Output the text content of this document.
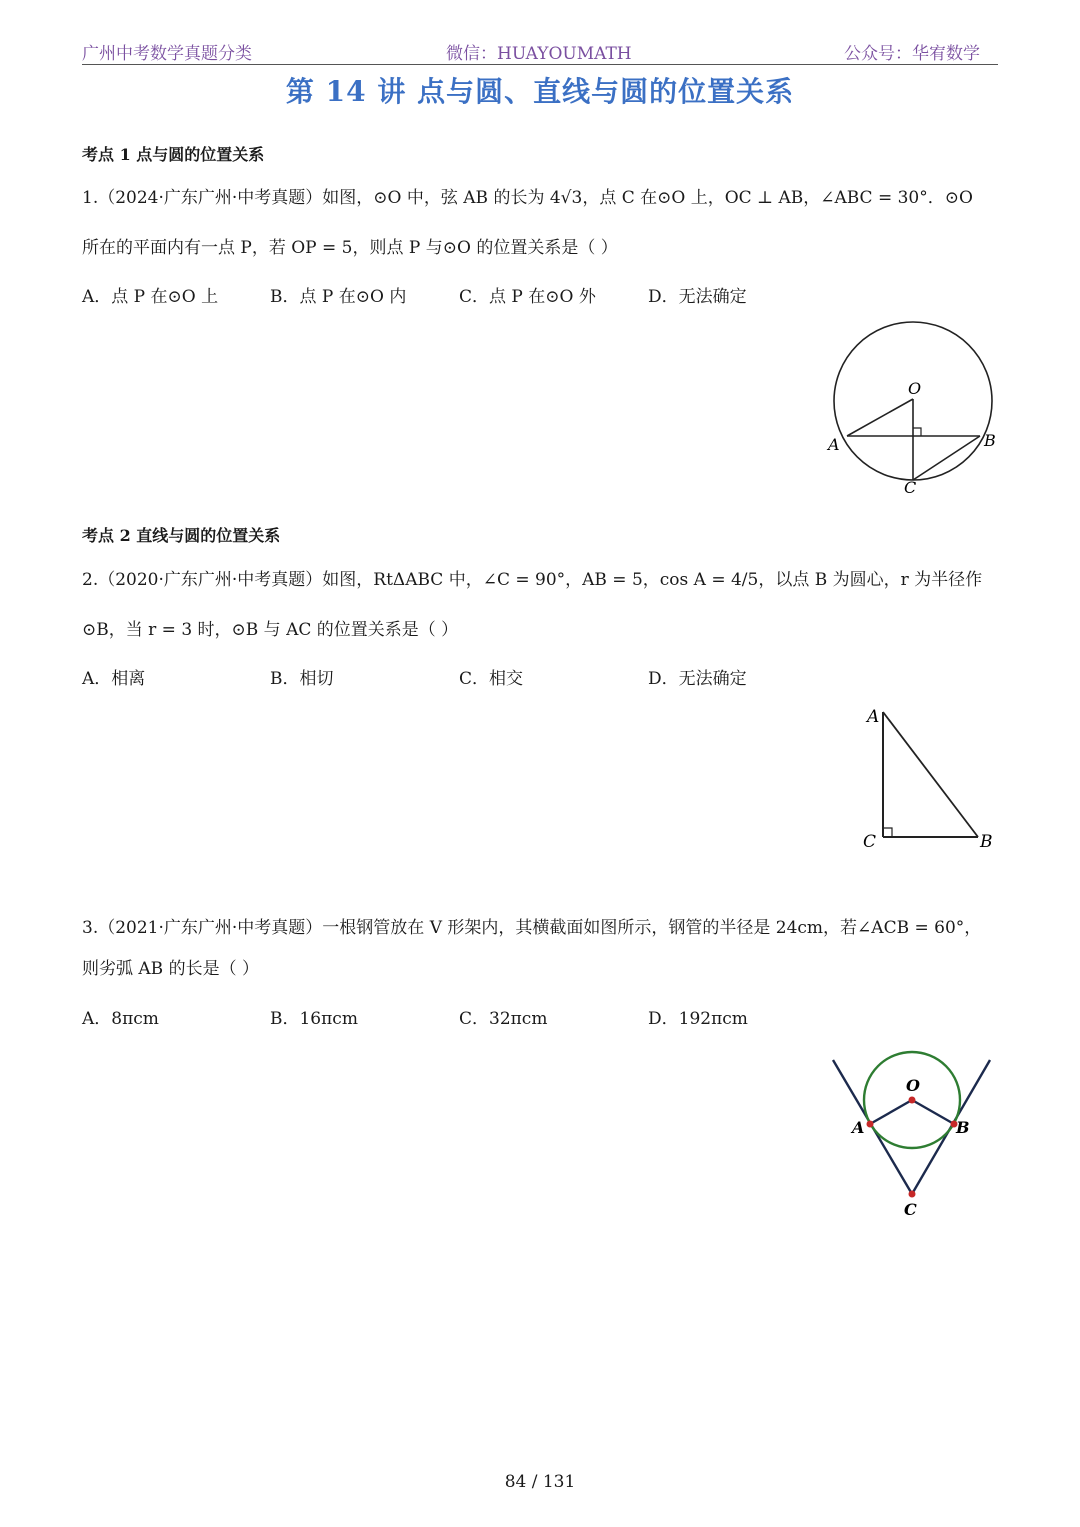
广州中考数学真题分类	微信：HUAYOUMATH	公众号：华宥数学
第 14 讲 点与圆、直线与圆的位置关系
考点 1 点与圆的位置关系
1.（2024·广东广州·中考真题）如图，⊙O 中，弦 AB 的长为 4√3，点 C 在⊙O 上，OC ⊥ AB，∠ABC = 30°．⊙O
所在的平面内有一点 P，若 OP = 5，则点 P 与⊙O 的位置关系是（ ）
A．点 P 在⊙O 上	B．点 P 在⊙O 内	C．点 P 在⊙O 外	D．无法确定
O
A	B
C
考点 2 直线与圆的位置关系
2.（2020·广东广州·中考真题）如图，RtΔABC 中，∠C = 90°，AB = 5，cos A = 4/5，以点 B 为圆心，r 为半径作
⊙B，当 r = 3 时，⊙B 与 AC 的位置关系是（ ）
A．相离	B．相切	C．相交	D．无法确定
A
C	B
3.（2021·广东广州·中考真题）一根钢管放在 V 形架内，其横截面如图所示，钢管的半径是 24cm，若∠ACB = 60°，
则劣弧 AB 的长是（ ）
A．8πcm	B．16πcm	C．32πcm	D．192πcm
O
A	B
C
84 / 131
